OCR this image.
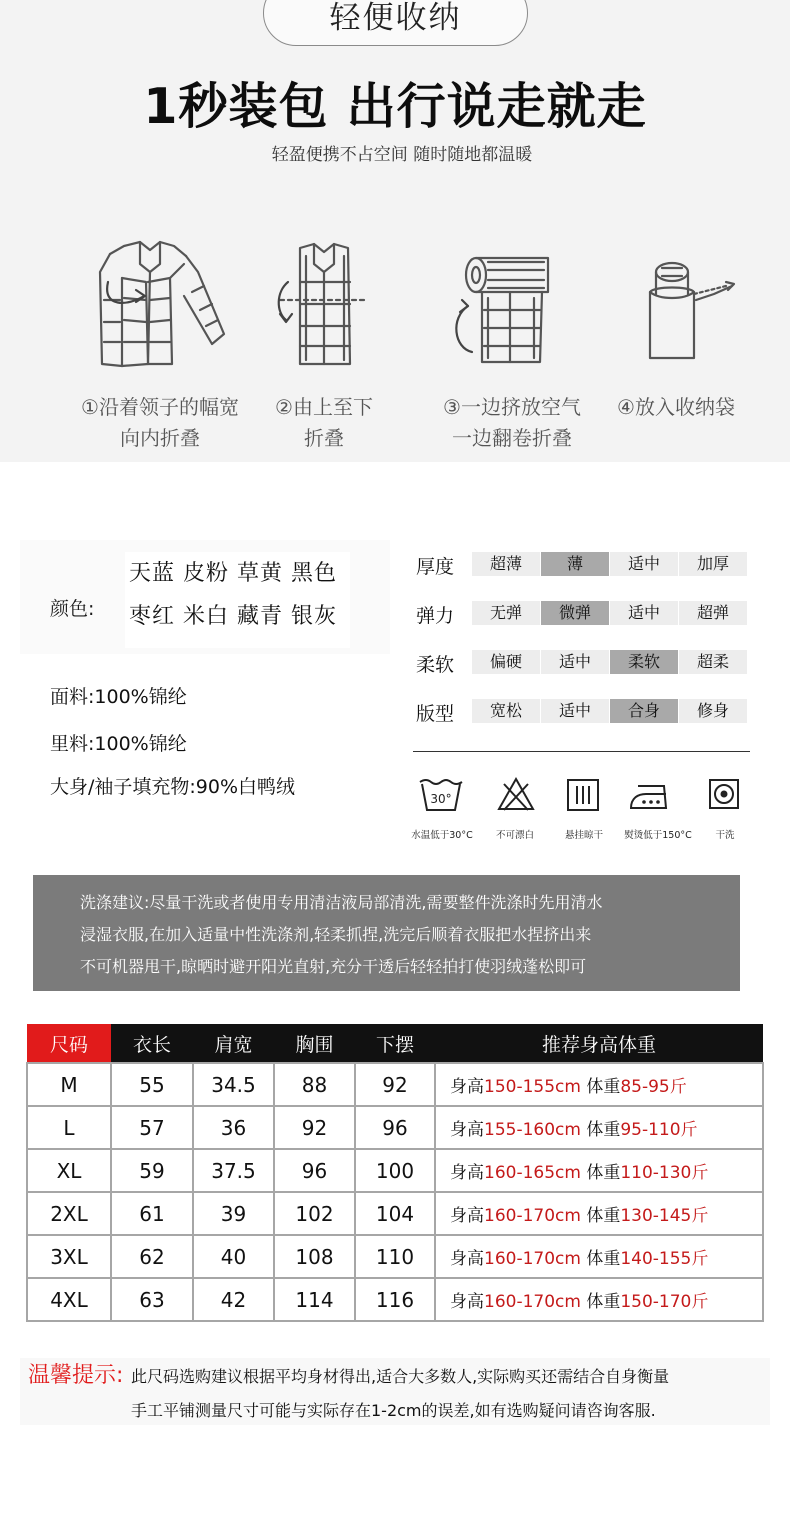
轻便收纳
1秒装包 出行说走就走
轻盈便携不占空间 随时随地都温暖
①沿着领子的幅宽
向内折叠
②由上至下
折叠
③一边挤放空气
一边翻卷折叠
④放入收纳袋
天蓝 皮粉 草黄 黑色
枣红 米白 藏青 银灰
颜色:
面料:100%锦纶
里料:100%锦纶
大身/袖子填充物:90%白鸭绒
厚度	超薄	薄	适中	加厚
弹力	无弹	微弹	适中	超弹
柔软	偏硬	适中	柔软	超柔
版型	宽松	适中	合身	修身
30°
水温低于30°C	不可漂白	悬挂晾干	熨烫低于150°C	干洗
洗涤建议:尽量干洗或者使用专用清洁液局部清洗,需要整件洗涤时先用清水
浸湿衣服,在加入适量中性洗涤剂,轻柔抓捏,洗完后顺着衣服把水捏挤出来
不可机器甩干,晾晒时避开阳光直射,充分干透后轻轻拍打使羽绒蓬松即可
尺码	衣长	肩宽	胸围	下摆	推荐身高体重
M	55	34.5	88	92	身高150-155cm 体重85-95斤
L	57	36	92	96	身高155-160cm 体重95-110斤
XL	59	37.5	96	100	身高160-165cm 体重110-130斤
2XL	61	39	102	104	身高160-170cm 体重130-145斤
3XL	62	40	108	110	身高160-170cm 体重140-155斤
4XL	63	42	114	116	身高160-170cm 体重150-170斤
温馨提示: 此尺码选购建议根据平均身材得出,适合大多数人,实际购买还需结合自身衡量
手工平铺测量尺寸可能与实际存在1-2cm的误差,如有选购疑问请咨询客服.
